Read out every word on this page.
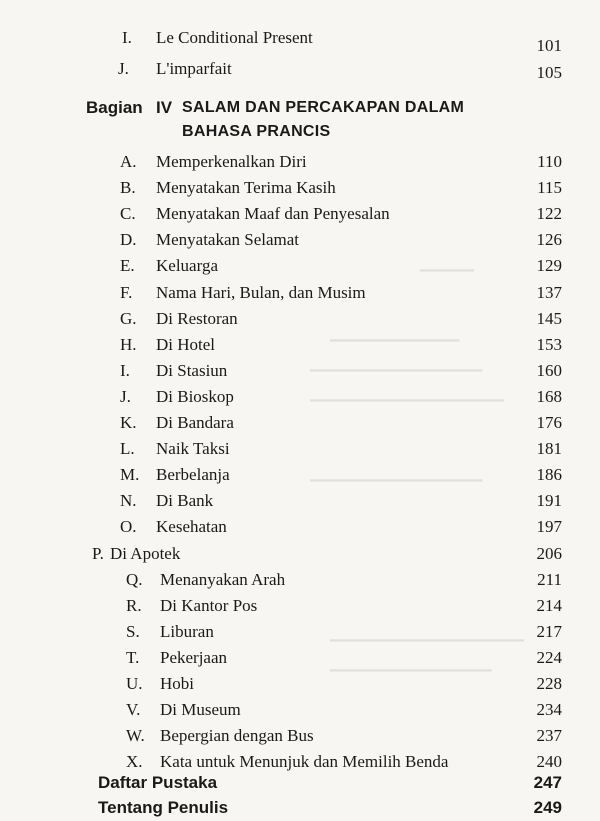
▁▁▁▁▁
▁▁▁▁▁▁▁▁▁▁▁▁
▁▁▁▁▁▁▁▁▁▁▁▁▁▁▁▁
▁▁▁▁▁▁▁▁▁▁▁▁▁▁▁▁▁▁
▁▁▁▁▁▁▁▁▁▁▁▁▁▁▁▁
▁▁▁▁▁▁▁▁▁▁▁▁▁▁▁▁▁▁
▁▁▁▁▁▁▁▁▁▁▁▁▁▁▁
I. Le Conditional Present	101
J. L'imparfait	105
Bagian IV SALAM DAN PERCAKAPAN DALAM
BAHASA PRANCIS
A. Memperkenalkan Diri	110
B. Menyatakan Terima Kasih	115
C. Menyatakan Maaf dan Penyesalan	122
D. Menyatakan Selamat	126
E. Keluarga	129
F. Nama Hari, Bulan, dan Musim	137
G. Di Restoran	145
H. Di Hotel	153
I. Di Stasiun	160
J. Di Bioskop	168
K. Di Bandara	176
L. Naik Taksi	181
M. Berbelanja	186
N. Di Bank	191
O. Kesehatan	197
P. Di Apotek	206
Q. Menanyakan Arah	211
R. Di Kantor Pos	214
S. Liburan	217
T. Pekerjaan	224
U. Hobi	228
V. Di Museum	234
W. Bepergian dengan Bus	237
X. Kata untuk Menunjuk dan Memilih Benda	240
Daftar Pustaka	247
Tentang Penulis	249
